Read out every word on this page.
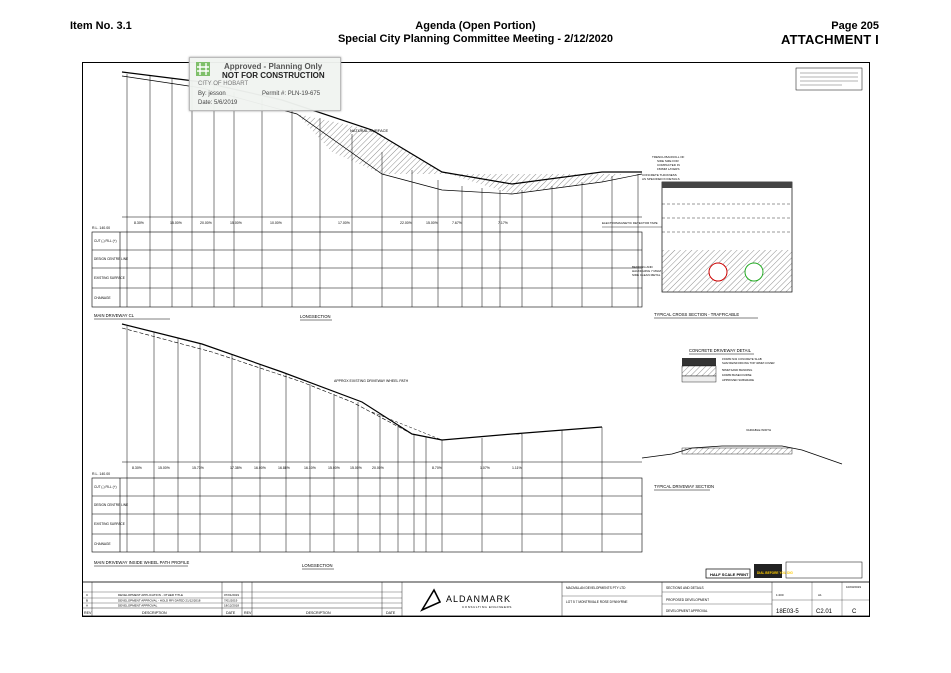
Item No. 3.1	Agenda (Open Portion)
Special City Planning Committee Meeting - 2/12/2020
Page 205
ATTACHMENT I
NATURAL SURFACE
8.30%	15.00%	20.00%	15.00%	10.00%	17.00%	22.00%	15.00%	7.67%	7.17%
R.L. 140.00
CUT (-) FILL (+)
DESIGN CENTRE LINE
EXISTING SURFACE
CHAINAGE
MAIN DRIVEWAY CL	LONGSECTION
APPROX EXISTING DRIVEWAY WHEEL PATH
8.30%	15.00%	15.73%	17.38%	16.00%	16.88%	16.10%	15.00%	15.00%	20.00%	8.70%	1.07%	1.11%
R.L. 140.00
CUT (-) FILL (+)
DESIGN CENTRE LINE
EXISTING SURFACE
CHAINAGE
MAIN DRIVEWAY INSIDE WHEEL PATH PROFILE
LONGSECTION
TRENCH BACKFILL OF
SIDE SIZE FOR
COMPACTED IN
150MM LAYERS
CONCRETE THICKNESS
AS SPECIFIED IN DETAILS
ELECTROMAGNETIC DETECTOR TAPE
BEDDING AND
HAUNCHING 7 MGM
SIDE CLEAN METAL
TYPICAL CROSS SECTION - TRAFFICABLE
CONCRETE DRIVEWAY DETAIL
150MM N32 CONCRETE SLAB
SL82 REINFORCING TOP 40MM COVER
50MM SAND BLINDING
100MM BASECOURSE
APPROVED SUBGRADE
VARIABLE WIDTH
TYPICAL DRIVEWAY SECTION
HALF SCALE PRINT	DIAL BEFORE YOU DIG
C	DEVELOPMENT APPLICATION - OTHER TITLE	07/01/2019
B	DEVELOPMENT APPROVAL - HOLD RFI DATED 21/12/2018	7/01/2019
A	DEVELOPMENT APPROVAL	18/12/2018
REV	DESCRIPTION	DATE REV	DESCRIPTION	DATE
ALDANMARK
CONSULTING ENGINEERS
MACMILLAN DEVELOPMENTS PTY LTD
LOT 5 7 MONTRIVALE ROSE DYNNYRNE
SECTIONS AND DETAILS
PROPOSED DEVELOPMENT
DEVELOPMENT APPROVAL
1:200	A1
10/03/2019
18E03-5	C2.01	C
Approved - Planning Only
NOT FOR CONSTRUCTION
CITY OF HOBART
By: jesson	Permit #: PLN-19-675
Date: 5/6/2019
